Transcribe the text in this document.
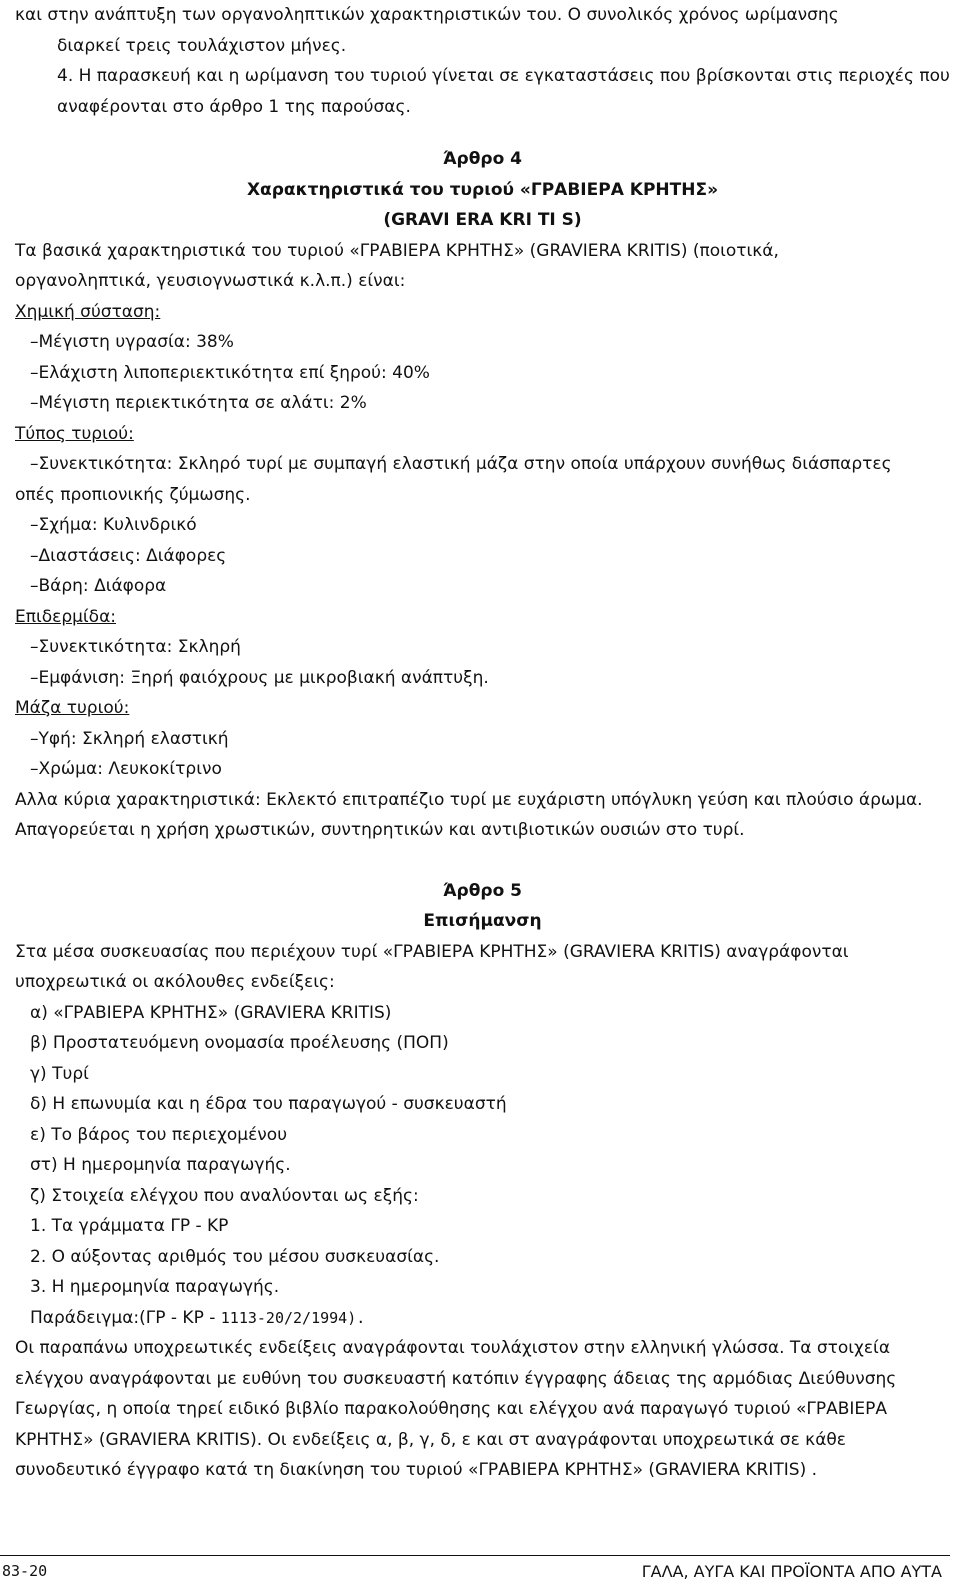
και στην ανάπτυξη των οργανοληπτικών χαρακτηριστικών του. Ο συνολικός χρόνος ωρίμανσης

διαρκεί τρεις τουλάχιστον μήνες.

4. Η παρασκευή και η ωρίμανση του τυριού γίνεται σε εγκαταστάσεις που βρίσκονται στις περιοχές που

αναφέρονται στο άρθρο 1 της παρούσας.

Άρθρο 4

Χαρακτηριστικά του τυριού «ΓΡΑΒΙΕΡΑ ΚΡΗΤΗΣ»

(GRAVI ERA KRI TI S)

Τα βασικά χαρακτηριστικά του τυριού «ΓΡΑΒΙΕΡΑ ΚΡΗΤΗΣ» (GRAVIERA KRITIS) (ποιοτικά,

οργανοληπτικά, γευσιογνωστικά κ.λ.π.) είναι:

Χημική σύσταση:

– Μέγιστη υγρασία: 38%

– Ελάχιστη λιποπεριεκτικότητα επί ξηρού: 40%

– Μέγιστη περιεκτικότητα σε αλάτι: 2%

Τύπος τυριού:

– Συνεκτικότητα: Σκληρό τυρί με συμπαγή ελαστική μάζα στην οποία υπάρχουν συνήθως διάσπαρτες

οπές προπιονικής ζύμωσης.

– Σχήμα: Κυλινδρικό

– Διαστάσεις: Διάφορες

– Βάρη: Διάφορα

Επιδερμίδα:

– Συνεκτικότητα: Σκληρή

– Εμφάνιση: Ξηρή φαιόχρους με μικροβιακή ανάπτυξη.

Μάζα τυριού:

– Υφή: Σκληρή ελαστική

– Χρώμα: Λευκοκίτρινο

Αλλα κύρια χαρακτηριστικά: Εκλεκτό επιτραπέζιο τυρί με ευχάριστη υπόγλυκη γεύση και πλούσιο άρωμα.

Απαγορεύεται η χρήση χρωστικών, συντηρητικών και αντιβιοτικών ουσιών στο τυρί.

Άρθρο 5

Επισήμανση

Στα μέσα συσκευασίας που περιέχουν τυρί «ΓΡΑΒΙΕΡΑ ΚΡΗΤΗΣ» (GRAVIERA KRITIS) αναγράφονται

υποχρεωτικά οι ακόλουθες ενδείξεις:

α) «ΓΡΑΒΙΕΡΑ ΚΡΗΤΗΣ» (GRAVIERA KRITIS)

β) Προστατευόμενη ονομασία προέλευσης (ΠΟΠ)

γ) Τυρί

δ) Η επωνυμία και η έδρα του παραγωγού - συσκευαστή

ε) Το βάρος του περιεχομένου

στ) Η ημερομηνία παραγωγής.

ζ) Στοιχεία ελέγχου που αναλύονται ως εξής:

1. Τα γράμματα ΓΡ - ΚΡ

2. Ο αύξοντας αριθμός του μέσου συσκευασίας.

3. Η ημερομηνία παραγωγής.

Παράδειγμα:(ΓΡ - ΚΡ - 1113-20/2/1994).

Οι παραπάνω υποχρεωτικές ενδείξεις αναγράφονται τουλάχιστον στην ελληνική γλώσσα. Τα στοιχεία

ελέγχου αναγράφονται με ευθύνη του συσκευαστή κατόπιν έγγραφης άδειας της αρμόδιας Διεύθυνσης

Γεωργίας, η οποία τηρεί ειδικό βιβλίο παρακολούθησης και ελέγχου ανά παραγωγό τυριού «ΓΡΑΒΙΕΡΑ

ΚΡΗΤΗΣ» (GRAVIERA KRITIS). Οι ενδείξεις α, β, γ, δ, ε και στ αναγράφονται υποχρεωτικά σε κάθε

συνοδευτικό έγγραφο κατά τη διακίνηση του τυριού «ΓΡΑΒΙΕΡΑ ΚΡΗΤΗΣ» (GRAVIERA KRITIS) .

83-20	ΓΑΛΑ, ΑΥΓΑ ΚΑΙ ΠΡΟΪΟΝΤΑ ΑΠΟ ΑΥΤΑ
